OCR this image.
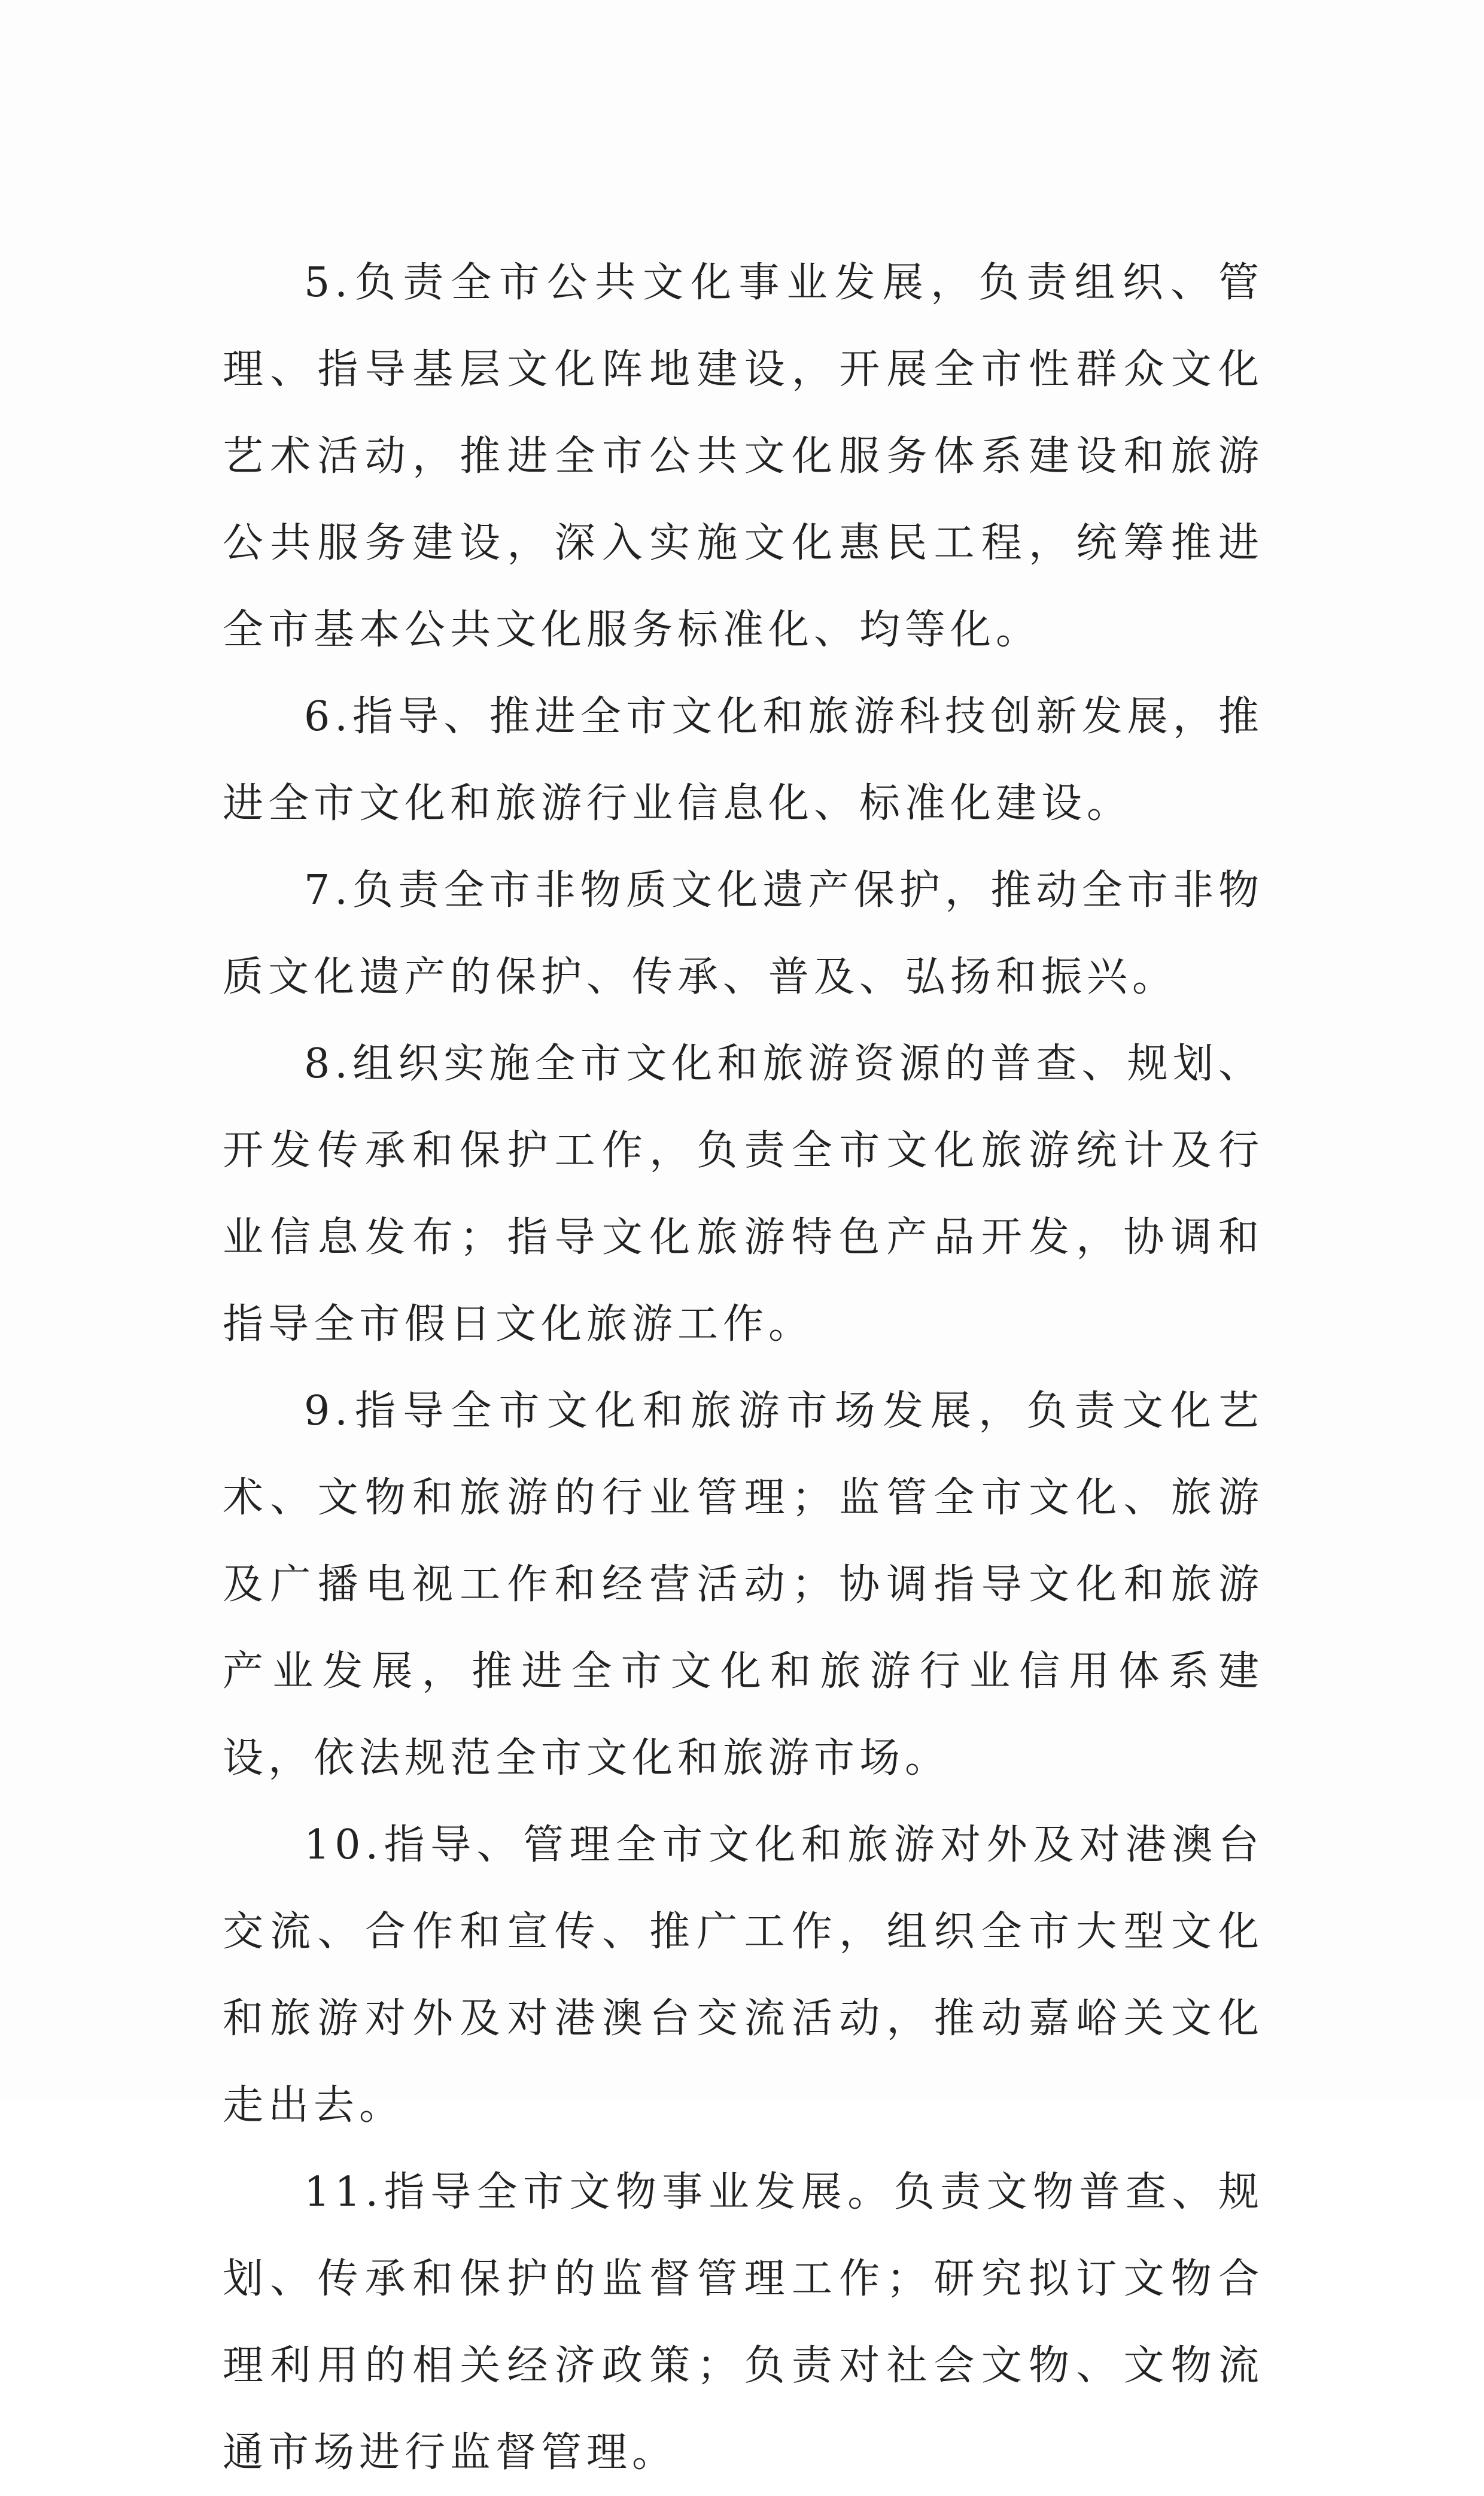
5.负责全市公共文化事业发展，负责组织、管理、指导基层文化阵地建设，开展全市性群众文化艺术活动，推进全市公共文化服务体系建设和旅游公共服务建设，深入实施文化惠民工程，统筹推进全市基本公共文化服务标准化、均等化。

6.指导、推进全市文化和旅游科技创新发展，推进全市文化和旅游行业信息化、标准化建设。

7.负责全市非物质文化遗产保护，推动全市非物质文化遗产的保护、传承、普及、弘扬和振兴。

8.组织实施全市文化和旅游资源的普查、规划、开发传承和保护工作，负责全市文化旅游统计及行业信息发布；指导文化旅游特色产品开发，协调和指导全市假日文化旅游工作。

9.指导全市文化和旅游市场发展，负责文化艺术、文物和旅游的行业管理；监管全市文化、旅游及广播电视工作和经营活动；协调指导文化和旅游产业发展，推进全市文化和旅游行业信用体系建设，依法规范全市文化和旅游市场。

10.指导、管理全市文化和旅游对外及对港澳台交流、合作和宣传、推广工作，组织全市大型文化和旅游对外及对港澳台交流活动，推动嘉峪关文化走出去。

11.指导全市文物事业发展。负责文物普查、规划、传承和保护的监督管理工作；研究拟订文物合理利用的相关经济政策；负责对社会文物、文物流通市场进行监督管理。
